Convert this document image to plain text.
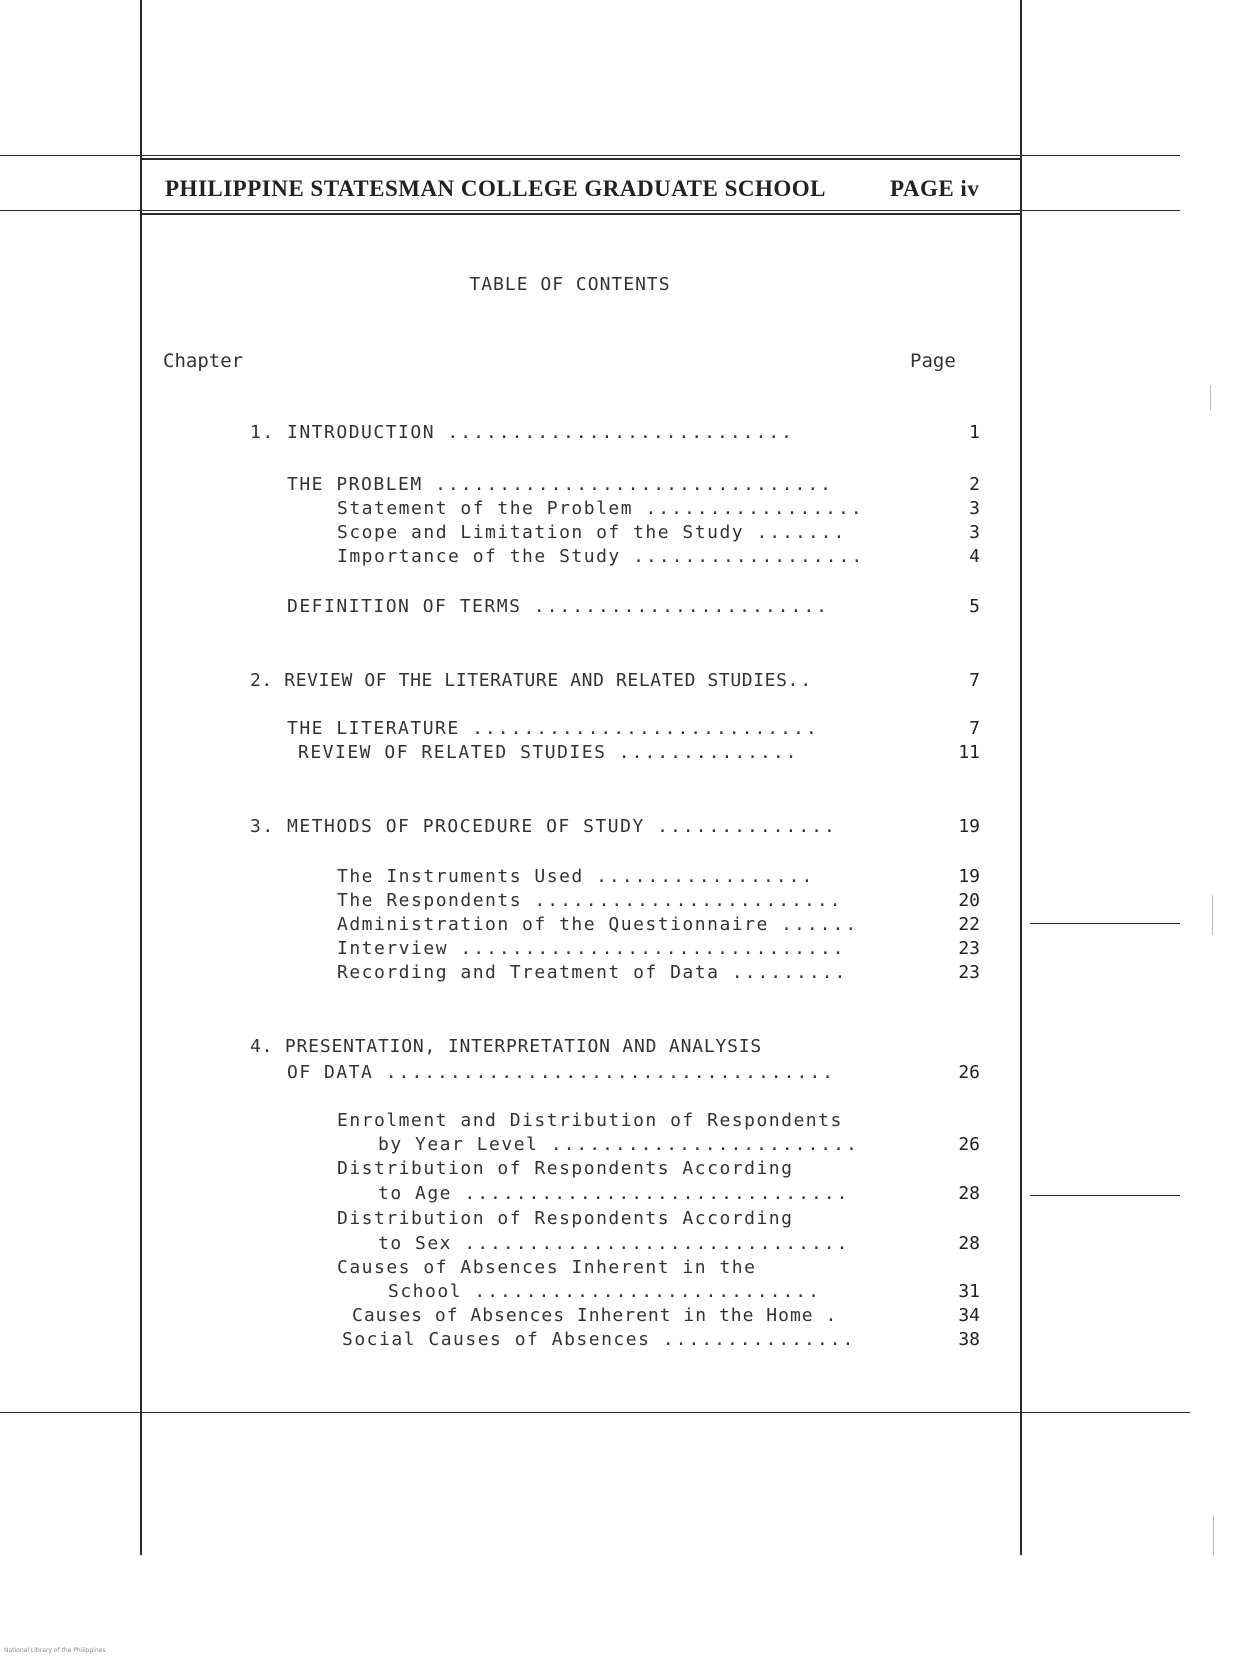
PHILIPPINE STATESMAN COLLEGE GRADUATE SCHOOL	PAGE iv
TABLE OF CONTENTS
Chapter	Page
1. INTRODUCTION ...........................	1
THE PROBLEM ...............................	2
Statement of the Problem .................	3
Scope and Limitation of the Study .......	3
Importance of the Study ..................	4
DEFINITION OF TERMS .......................	5
2. REVIEW OF THE LITERATURE AND RELATED STUDIES..	7
THE LITERATURE ...........................	7
REVIEW OF RELATED STUDIES ..............	11
3. METHODS OF PROCEDURE OF STUDY ..............	19
The Instruments Used .................	19
The Respondents ........................	20
Administration of the Questionnaire ......	22
Interview ..............................	23
Recording and Treatment of Data .........	23
4. PRESENTATION, INTERPRETATION AND ANALYSIS
OF DATA ...................................	26
Enrolment and Distribution of Respondents
by Year Level ........................	26
Distribution of Respondents According
to Age ..............................	28
Distribution of Respondents According
to Sex ..............................	28
Causes of Absences Inherent in the
School ...........................	31
Causes of Absences Inherent in the Home .	34
Social Causes of Absences ...............	38
National Library of the Philippines
